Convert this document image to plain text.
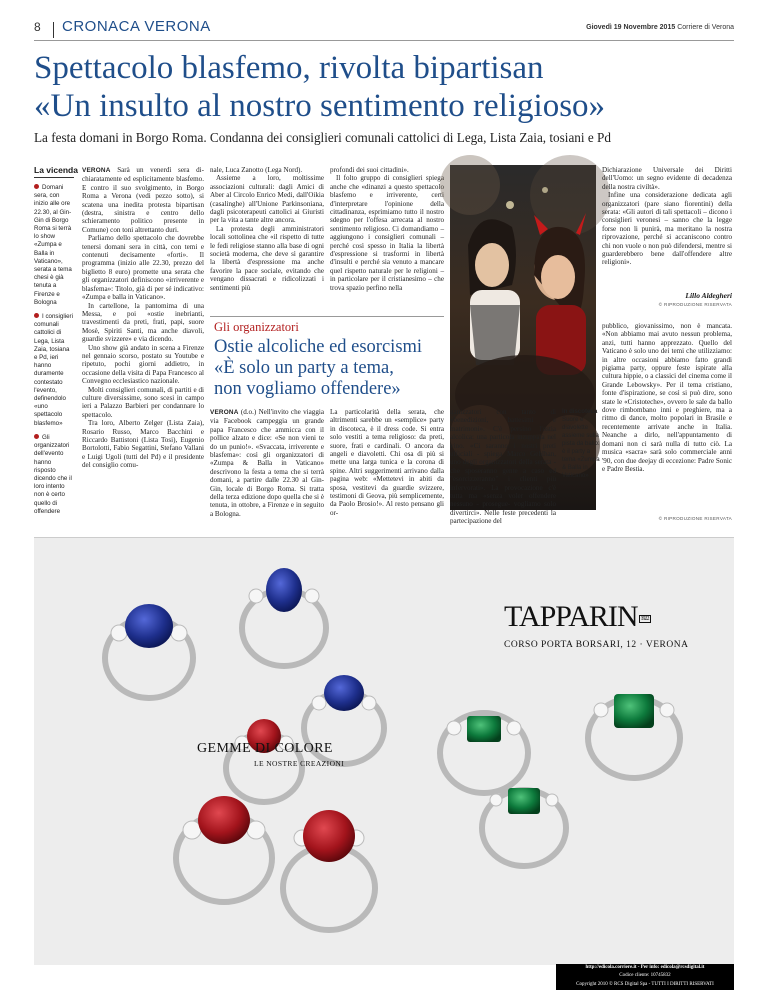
8 CRONACA VERONA	Giovedì 19 Novembre 2015 Corriere di Verona
Spettacolo blasfemo, rivolta bipartisan
«Un insulto al nostro sentimento religioso»
La festa domani in Borgo Roma. Condanna dei consiglieri comunali cattolici di Lega, Lista Zaia, tosiani e Pd
La vicenda

Domani sera, con inizio alle ore 22.30, al Gin-Gin di Borgo Roma si terrà lo show «Zumpa e Balla in Vaticano», serata a tema chesi è già tenuta a Firenze e Bologna

I consiglieri comunali cattolici di Lega, Lista Zaia, tosiana e Pd, ieri hanno duramente contestato l'evento, definendolo «uno spettacolo blasfemo»

Gli organizzatori dell'evento hanno risposto dicendo che il loro intento non è certo quello di offendere

VERONA Sarà un venerdì sera di-chiaratamente ed esplicitamente blasfemo. E contro il suo svolgimento, in Borgo Roma a Verona (vedi pezzo sotto), si scatena una inedita protesta bipartisan (destra, sinistra e centro dello schieramento politico presente in Comune) con toni altrettanto duri.

Parliamo dello spettacolo che dovrebbe tenersi domani sera in città, con temi e contenuti decisamente «forti». Il programma (inizio alle 22.30, prezzo del biglietto 8 euro) promette una serata che gli organizzatori definiscono «irriverente e blasfema»: Titolo, già di per sé indicativo: «Zumpa e balla in Vaticano».

In cartellone, la pantomima di una Messa, e poi «ostie inebrianti, travestimenti da preti, frati, papi, suore Mosè, Spiriti Santi, ma anche diavoli, guardie svizzere» e via dicendo.

Uno show già andato in scena a Firenze nel gennaio scorso, postato su Youtube e ripetuto, pochi giorni addietro, in occasione della visita di Papa Francesco al Convegno ecclesiastico nazionale.

Molti consiglieri comunali, di partiti e di culture diversissime, sono scesi in campo ieri a Palazzo Barbieri per condannare lo spettacolo.

Tra loro, Alberto Zelger (Lista Zaia), Rosario Russo, Marco Bacchini e Riccardo Battistoni (Lista Tosi), Eugenio Bortolotti, Fabio Segattini, Stefano Vallani e Luigi Ugoli (tutti del Pd) e il presidente del consiglio comu-

nale, Luca Zanotto (Lega Nord).

Assieme a loro, moltissime associazioni culturali: dagli Amici di Aber al Circolo Enrico Medi, dall'Oikia (casalinghe) all'Unione Parkinsoniana, dagli psicoterapeuti cattolici ai Giuristi per la vita a tante altre ancora.

La protesta degli amministratori locali sottolinea che «il rispetto di tutte le fedi religiose stanno alla base di ogni società moderna, che deve sì garantire la libertà d'espressione ma anche favorire la pace sociale, evitando che vengano dissacrati e ridicolizzati i sentimenti più

profondi dei suoi cittadini».

Il folto gruppo di consiglieri spiega anche che «dinanzi a questo spettacolo blasfemo e irriverente, certi d'interpretare l'opinione della cittadinanza, esprimiamo tutto il nostro sdegno per l'offesa arrecata al nostro sentimento religioso. Ci domandiamo – aggiungono i consiglieri comunali – perché così spesso in Italia la libertà d'espressione si trasformi in libertà d'insulti e perché sia venuto a mancare quel rispetto naturale per le religioni – in particolare per il cristianesimo – che trova spazio perfino nella

Dichiarazione Universale dei Diritti dell'Uomo: un segno evidente di decadenza della nostra civiltà».

Infine una considerazione dedicata agli organizzatori (pare siano fiorentini) della serata: «Gli autori di tali spettacoli – dicono i consiglieri veronesi – sanno che la legge forse non li punirà, ma meritano la nostra riprovazione, perché si accaniscono contro chi non vuole o non può difendersi, mentre si guarderebbero bene dall'offendere altre religioni».

Lillo Aldegheri
© RIPRODUZIONE RISERVATA
Gli organizzatori
Ostie alcoliche ed esorcismi
«È solo un party a tema,
non vogliamo offendere»

VERONA (d.o.) Nell'invito che viaggia via Facebook campeggia un grande papa Francesco che ammicca con il pollice alzato e dice: «Se non vieni te do un punio!». «Svaccata, irriverente e blasfema»: così gli organizzatori di «Zumpa & Balla in Vaticano» descrivono la festa a tema che si terrà domani, a partire dalle 22.30 al Gin-Gin, locale di Borgo Roma. Si tratta della terza edizione dopo quella che si è tenuta, in ottobre, a Firenze e in seguito a Bologna.

La particolarità della serata, che altrimenti sarebbe un «semplice» party in discoteca, è il dress code. Si entra solo vestiti a tema religioso: da preti, suore, frati e cardinali. O ancora da angeli e diavoletti. Chi osa di più si mette una larga tunica e la corona di spine. Altri suggerimenti arrivano dalla pagina web: «Mettetevi in abiti da sposa, vestitevi da guardie svizzere, testimoni di Geova, più semplicemente, da Paolo Brosio!». Al resto pensano gli or-

ganizzatori con tanto di «benedizioni, battesimi e matrimoni». C'è persino l'ostia alcolica: una particola inzuppata nel vino. «Ci saranno i nostri preti ufficiali - spiega Marco Gehlhan, uno degli organizzatori della serata - che sposeranno gente a caso ed "esorcizzeranno" i clienti più infervorati». La provocazione c'è tutta ma «senza voler offendere nessuno - prosegue- vogliamo solo divertirci». Nelle feste precedenti la partecipazione del

In discoteca
Suore e diavolette assieme sulla pista da ballo: è il party a tema «Zumpa & Balla in Vaticano»

pubblico, giovanissimo, non è mancata. «Non abbiamo mai avuto nessun problema, anzi, tutti hanno apprezzato. Quello del Vaticano è solo uno dei temi che utilizziamo: in altre occasioni abbiamo fatto grandi pigiama party, oppure feste ispirate alla cultura hippie, o a classici del cinema come il Grande Lebowsky». Per il tema cristiano, fonte d'ispirazione, se così si può dire, sono state le «Cristoteche», ovvero le sale da ballo dove rimbombano inni e preghiere, ma a ritmo di dance, molto popolari in Brasile e recentemente arrivate anche in Italia. Neanche a dirlo, nell'appuntamento di domani non ci sarà nulla di tutto ciò. La musica «sacra» sarà solo commerciale anni '90, con due deejay di eccezione: Padre Sonic e Padre Bestia.

© RIPRODUZIONE RISERVATA
TAPPARIN 1922
CORSO PORTA BORSARI, 12 · VERONA
GEMME DI COLORE
LE NOSTRE CREAZIONI
http://edicola.corriere.it - Per info: edicola@rcsdigital.it
Codice cliente: 10745832
Copyright 2010 © RCS Digital Spa - TUTTI I DIRITTI RISERVATI
